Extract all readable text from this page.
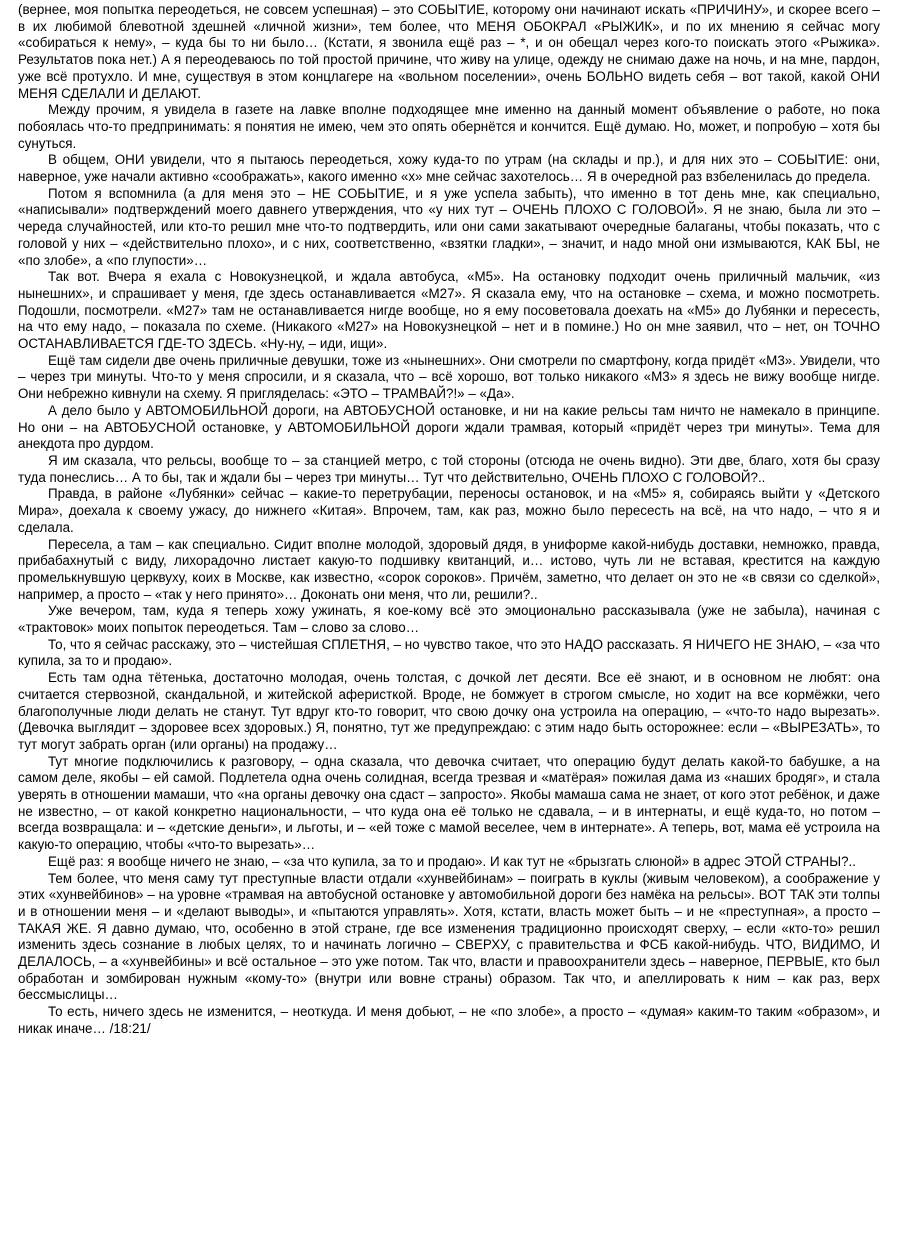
(вернее, моя попытка переодеться, не совсем успешная) – это СОБЫТИЕ, которому они начинают искать «ПРИЧИНУ», и скорее всего – в их любимой блевотной здешней «личной жизни», тем более, что МЕНЯ ОБОКРАЛ «РЫЖИК», и по их мнению я сейчас могу «собираться к нему», – куда бы то ни было… (Кстати, я звонила ещё раз – *, и он обещал через кого-то поискать этого «Рыжика». Результатов пока нет.) А я переодеваюсь по той простой причине, что живу на улице, одежду не снимаю даже на ночь, и на мне, пардон, уже всё протухло. И мне, существуя в этом концлагере на «вольном поселении», очень БОЛЬНО видеть себя – вот такой, какой ОНИ МЕНЯ СДЕЛАЛИ И ДЕЛАЮТ.

Между прочим, я увидела в газете на лавке вполне подходящее мне именно на данный момент объявление о работе, но пока побоялась что-то предпринимать: я понятия не имею, чем это опять обернётся и кончится. Ещё думаю. Но, может, и попробую – хотя бы сунуться.

В общем, ОНИ увидели, что я пытаюсь переодеться, хожу куда-то по утрам (на склады и пр.), и для них это – СОБЫТИЕ: они, наверное, уже начали активно «соображать», какого именно «х» мне сейчас захотелось… Я в очередной раз взбеленилась до предела.

Потом я вспомнила (а для меня это – НЕ СОБЫТИЕ, и я уже успела забыть), что именно в тот день мне, как специально, «написывали» подтверждений моего давнего утверждения, что «у них тут – ОЧЕНЬ ПЛОХО С ГОЛОВОЙ». Я не знаю, была ли это – череда случайностей, или кто-то решил мне что-то подтвердить, или они сами закатывают очередные балаганы, чтобы показать, что с головой у них – «действительно плохо», и с них, соответственно, «взятки гладки», – значит, и надо мной они измываются, КАК БЫ, не «по злобе», а «по глупости»…

Так вот. Вчера я ехала с Новокузнецкой, и ждала автобуса, «М5». На остановку подходит очень приличный мальчик, «из нынешних», и спрашивает у меня, где здесь останавливается «М27». Я сказала ему, что на остановке – схема, и можно посмотреть. Подошли, посмотрели. «М27» там не останавливается нигде вообще, но я ему посоветовала доехать на «М5» до Лубянки и пересесть, на что ему надо, – показала по схеме. (Никакого «М27» на Новокузнецкой – нет и в помине.) Но он мне заявил, что – нет, он ТОЧНО ОСТАНАВЛИВАЕТСЯ ГДЕ-ТО ЗДЕСЬ. «Ну-ну, – иди, ищи».

Ещё там сидели две очень приличные девушки, тоже из «нынешних». Они смотрели по смартфону, когда придёт «М3». Увидели, что – через три минуты. Что-то у меня спросили, и я сказала, что – всё хорошо, вот только никакого «М3» я здесь не вижу вообще нигде. Они небрежно кивнули на схему. Я пригляделась: «ЭТО – ТРАМВАЙ?!» – «Да».

А дело было у АВТОМОБИЛЬНОЙ дороги, на АВТОБУСНОЙ остановке, и ни на какие рельсы там ничто не намекало в принципе. Но они – на АВТОБУСНОЙ остановке, у АВТОМОБИЛЬНОЙ дороги ждали трамвая, который «придёт через три минуты». Тема для анекдота про дурдом.

Я им сказала, что рельсы, вообще то – за станцией метро, с той стороны (отсюда не очень видно). Эти две, благо, хотя бы сразу туда понеслись… А то бы, так и ждали бы – через три минуты… Тут что действительно, ОЧЕНЬ ПЛОХО С ГОЛОВОЙ?..

Правда, в районе «Лубянки» сейчас – какие-то перетрубации, переносы остановок, и на «М5» я, собираясь выйти у «Детского Мира», доехала к своему ужасу, до нижнего «Китая». Впрочем, там, как раз, можно было пересесть на всё, на что надо, – что я и сделала.

Пересела, а там – как специально. Сидит вполне молодой, здоровый дядя, в униформе какой-нибудь доставки, немножко, правда, прибабахнутый с виду, лихорадочно листает какую-то подшивку квитанций, и… истово, чуть ли не вставая, крестится на каждую промелькнувшую церквуху, коих в Москве, как известно, «сорок сороков». Причём, заметно, что делает он это не «в связи со сделкой», например, а просто – «так у него принято»… Доконать они меня, что ли, решили?..

Уже вечером, там, куда я теперь хожу ужинать, я кое-кому всё это эмоционально рассказывала (уже не забыла), начиная с «трактовок» моих попыток переодеться. Там – слово за слово…

То, что я сейчас расскажу, это – чистейшая СПЛЕТНЯ, – но чувство такое, что это НАДО рассказать. Я НИЧЕГО НЕ ЗНАЮ, – «за что купила, за то и продаю».

Есть там одна тётенька, достаточно молодая, очень толстая, с дочкой лет десяти. Все её знают, и в основном не любят: она считается стервозной, скандальной, и житейской аферисткой. Вроде, не бомжует в строгом смысле, но ходит на все кормёжки, чего благополучные люди делать не станут. Тут вдруг кто-то говорит, что свою дочку она устроила на операцию, – «что-то надо вырезать». (Девочка выглядит – здоровее всех здоровых.) Я, понятно, тут же предупреждаю: с этим надо быть осторожнее: если – «ВЫРЕЗАТЬ», то тут могут забрать орган (или органы) на продажу…

Тут многие подключились к разговору, – одна сказала, что девочка считает, что операцию будут делать какой-то бабушке, а на самом деле, якобы – ей самой. Подлетела одна очень солидная, всегда трезвая и «матёрая» пожилая дама из «наших бродяг», и стала уверять в отношении мамаши, что «на органы девочку она сдаст – запросто». Якобы мамаша сама не знает, от кого этот ребёнок, и даже не известно, – от какой конкретно национальности, – что куда она её только не сдавала, – и в интернаты, и ещё куда-то, но потом – всегда возвращала: и – «детские деньги», и льготы, и – «ей тоже с мамой веселее, чем в интернате». А теперь, вот, мама её устроила на какую-то операцию, чтобы «что-то вырезать»…

Ещё раз: я вообще ничего не знаю, – «за что купила, за то и продаю». И как тут не «брызгать слюной» в адрес ЭТОЙ СТРАНЫ?..

Тем более, что меня саму тут преступные власти отдали «хунвейбинам» – поиграть в куклы (живым человеком), а соображение у этих «хунвейбинов» – на уровне «трамвая на автобусной остановке у автомобильной дороги без намёка на рельсы». ВОТ ТАК эти толпы и в отношении меня – и «делают выводы», и «пытаются управлять». Хотя, кстати, власть может быть – и не «преступная», а просто – ТАКАЯ ЖЕ. Я давно думаю, что, особенно в этой стране, где все изменения традиционно происходят сверху, – если «кто-то» решил изменить здесь сознание в любых целях, то и начинать логично – СВЕРХУ, с правительства и ФСБ какой-нибудь. ЧТО, ВИДИМО, И ДЕЛАЛОСЬ, – а «хунвейбины» и всё остальное – это уже потом. Так что, власти и правоохранители здесь – наверное, ПЕРВЫЕ, кто был обработан и зомбирован нужным «кому-то» (внутри или вовне страны) образом. Так что, и апеллировать к ним – как раз, верх бессмыслицы…

То есть, ничего здесь не изменится, – неоткуда. И меня добьют, – не «по злобе», а просто – «думая» каким-то таким «образом», и никак иначе… /18:21/
